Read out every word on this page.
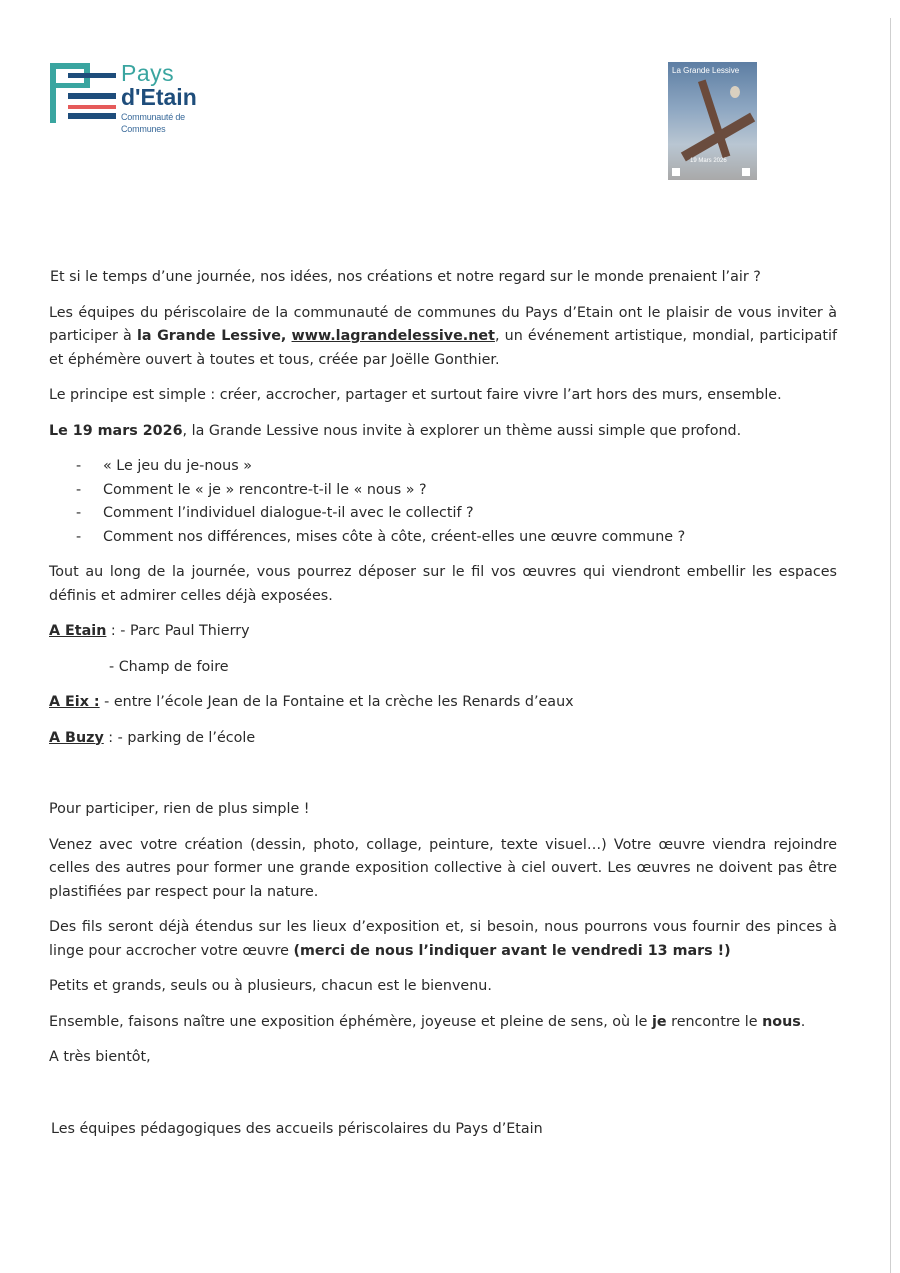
Pays
d'Etain
Communauté de Communes
La Grande Lessive
19 Mars 2026

Et si le temps d’une journée, nos idées, nos créations et notre regard sur le monde prenaient l’air ?

Les équipes du périscolaire de la communauté de communes du Pays d’Etain ont le plaisir de vous inviter à participer à la Grande Lessive, www.lagrandelessive.net, un événement artistique, mondial, participatif et éphémère ouvert à toutes et tous, créée par Joëlle Gonthier.

Le principe est simple : créer, accrocher, partager et surtout faire vivre l’art hors des murs, ensemble.

Le 19 mars 2026, la Grande Lessive nous invite à explorer un thème aussi simple que profond.

- « Le jeu du je-nous »
- Comment le « je » rencontre-t-il le « nous » ?
- Comment l’individuel dialogue-t-il avec le collectif ?
- Comment nos différences, mises côte à côte, créent-elles une œuvre commune ?

Tout au long de la journée, vous pourrez déposer sur le fil vos œuvres qui viendront embellir les espaces définis et admirer celles déjà exposées.

A Etain : - Parc Paul Thierry

- Champ de foire

A Eix : - entre l’école Jean de la Fontaine et la crèche les Renards d’eaux

A Buzy : - parking de l’école

Pour participer, rien de plus simple !

Venez avec votre création (dessin, photo, collage, peinture, texte visuel…) Votre œuvre viendra rejoindre celles des autres pour former une grande exposition collective à ciel ouvert. Les œuvres ne doivent pas être plastifiées par respect pour la nature.

Des fils seront déjà étendus sur les lieux d’exposition et, si besoin, nous pourrons vous fournir des pinces à linge pour accrocher votre œuvre (merci de nous l’indiquer avant le vendredi 13 mars !)

Petits et grands, seuls ou à plusieurs, chacun est le bienvenu.

Ensemble, faisons naître une exposition éphémère, joyeuse et pleine de sens, où le je rencontre le nous.

A très bientôt,

Les équipes pédagogiques des accueils périscolaires du Pays d’Etain
